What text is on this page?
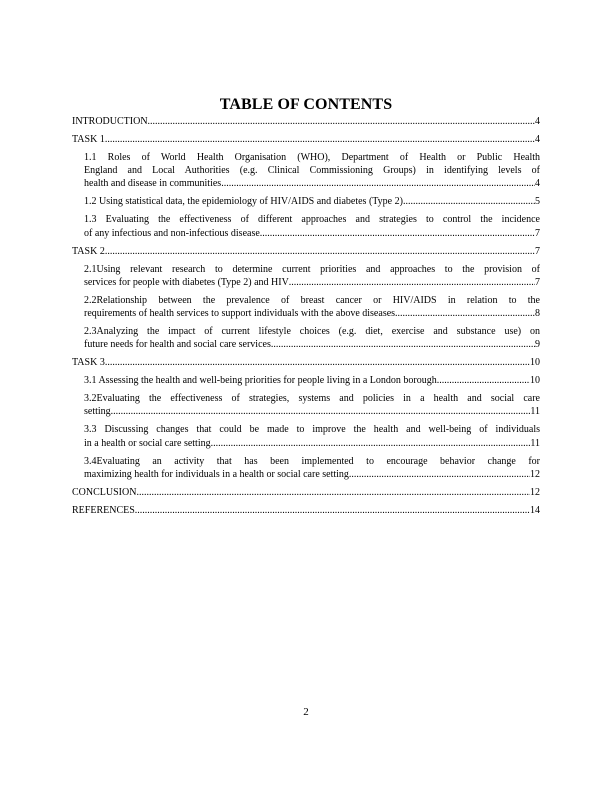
TABLE OF CONTENTS
INTRODUCTION .....	4
TASK 1 .....	4
1.1 Roles of World Health Organisation (WHO), Department of Health or Public Health
England and Local Authorities (e.g. Clinical Commissioning Groups) in identifying levels of
health and disease in communities .....	4
1.2 Using statistical data, the epidemiology of HIV/AIDS and diabetes (Type 2) .....	5
1.3 Evaluating the effectiveness of different approaches and strategies to control the incidence
of any infectious and non-infectious disease .....	7
TASK 2 .....	7
2.1Using relevant research to determine current priorities and approaches to the provision of
services for people with diabetes (Type 2) and HIV .....	7
2.2Relationship between the prevalence of breast cancer or HIV/AIDS in relation to the
requirements of health services to support individuals with the above diseases .....	8
2.3Analyzing the impact of current lifestyle choices (e.g. diet, exercise and substance use) on
future needs for health and social care services .....	9
TASK 3 .....	10
3.1 Assessing the health and well-being priorities for people living in a London borough .....	10
3.2Evaluating the effectiveness of strategies, systems and policies in a health and social care
setting .....	11
3.3 Discussing changes that could be made to improve the health and well-being of individuals
in a health or social care setting .....	11
3.4Evaluating an activity that has been implemented to encourage behavior change for
maximizing health for individuals in a health or social care setting .....	12
CONCLUSION .....	12
REFERENCES .....	14
2
